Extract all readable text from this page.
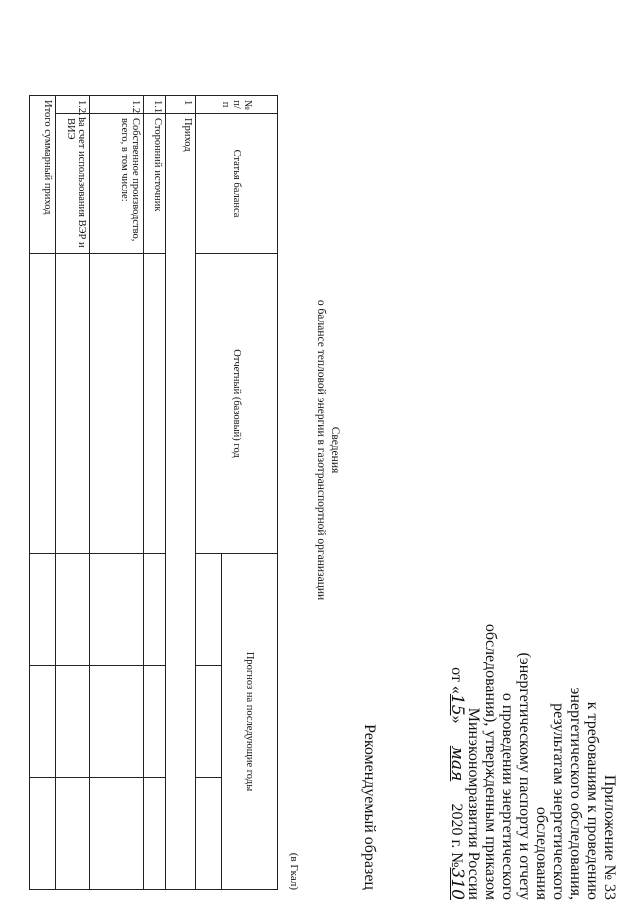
Приложение № 33
к требованиям к проведению
энергетического обследования,
результатам энергетического
обследования
(энергетическому паспорту и отчету
о проведении энергетического
обследования), утвержденным приказом
Минэкономразвития России
от «15» мая 2020 г. №310
Рекомендуемый образец
Сведения
о балансе тепловой энергии в газотранспортной организации
(в Гкал)
№ п/п	Статья баланса	Отчетный (базовый) год	Прогноз на последующие годы		

1	Приход				
1.1	Сторонний источник				
1.2	Собственное производство, всего, в том числе:				
1.2.1	за счет использования ВЭР и ВИЭ				
Итого суммарный приход					
